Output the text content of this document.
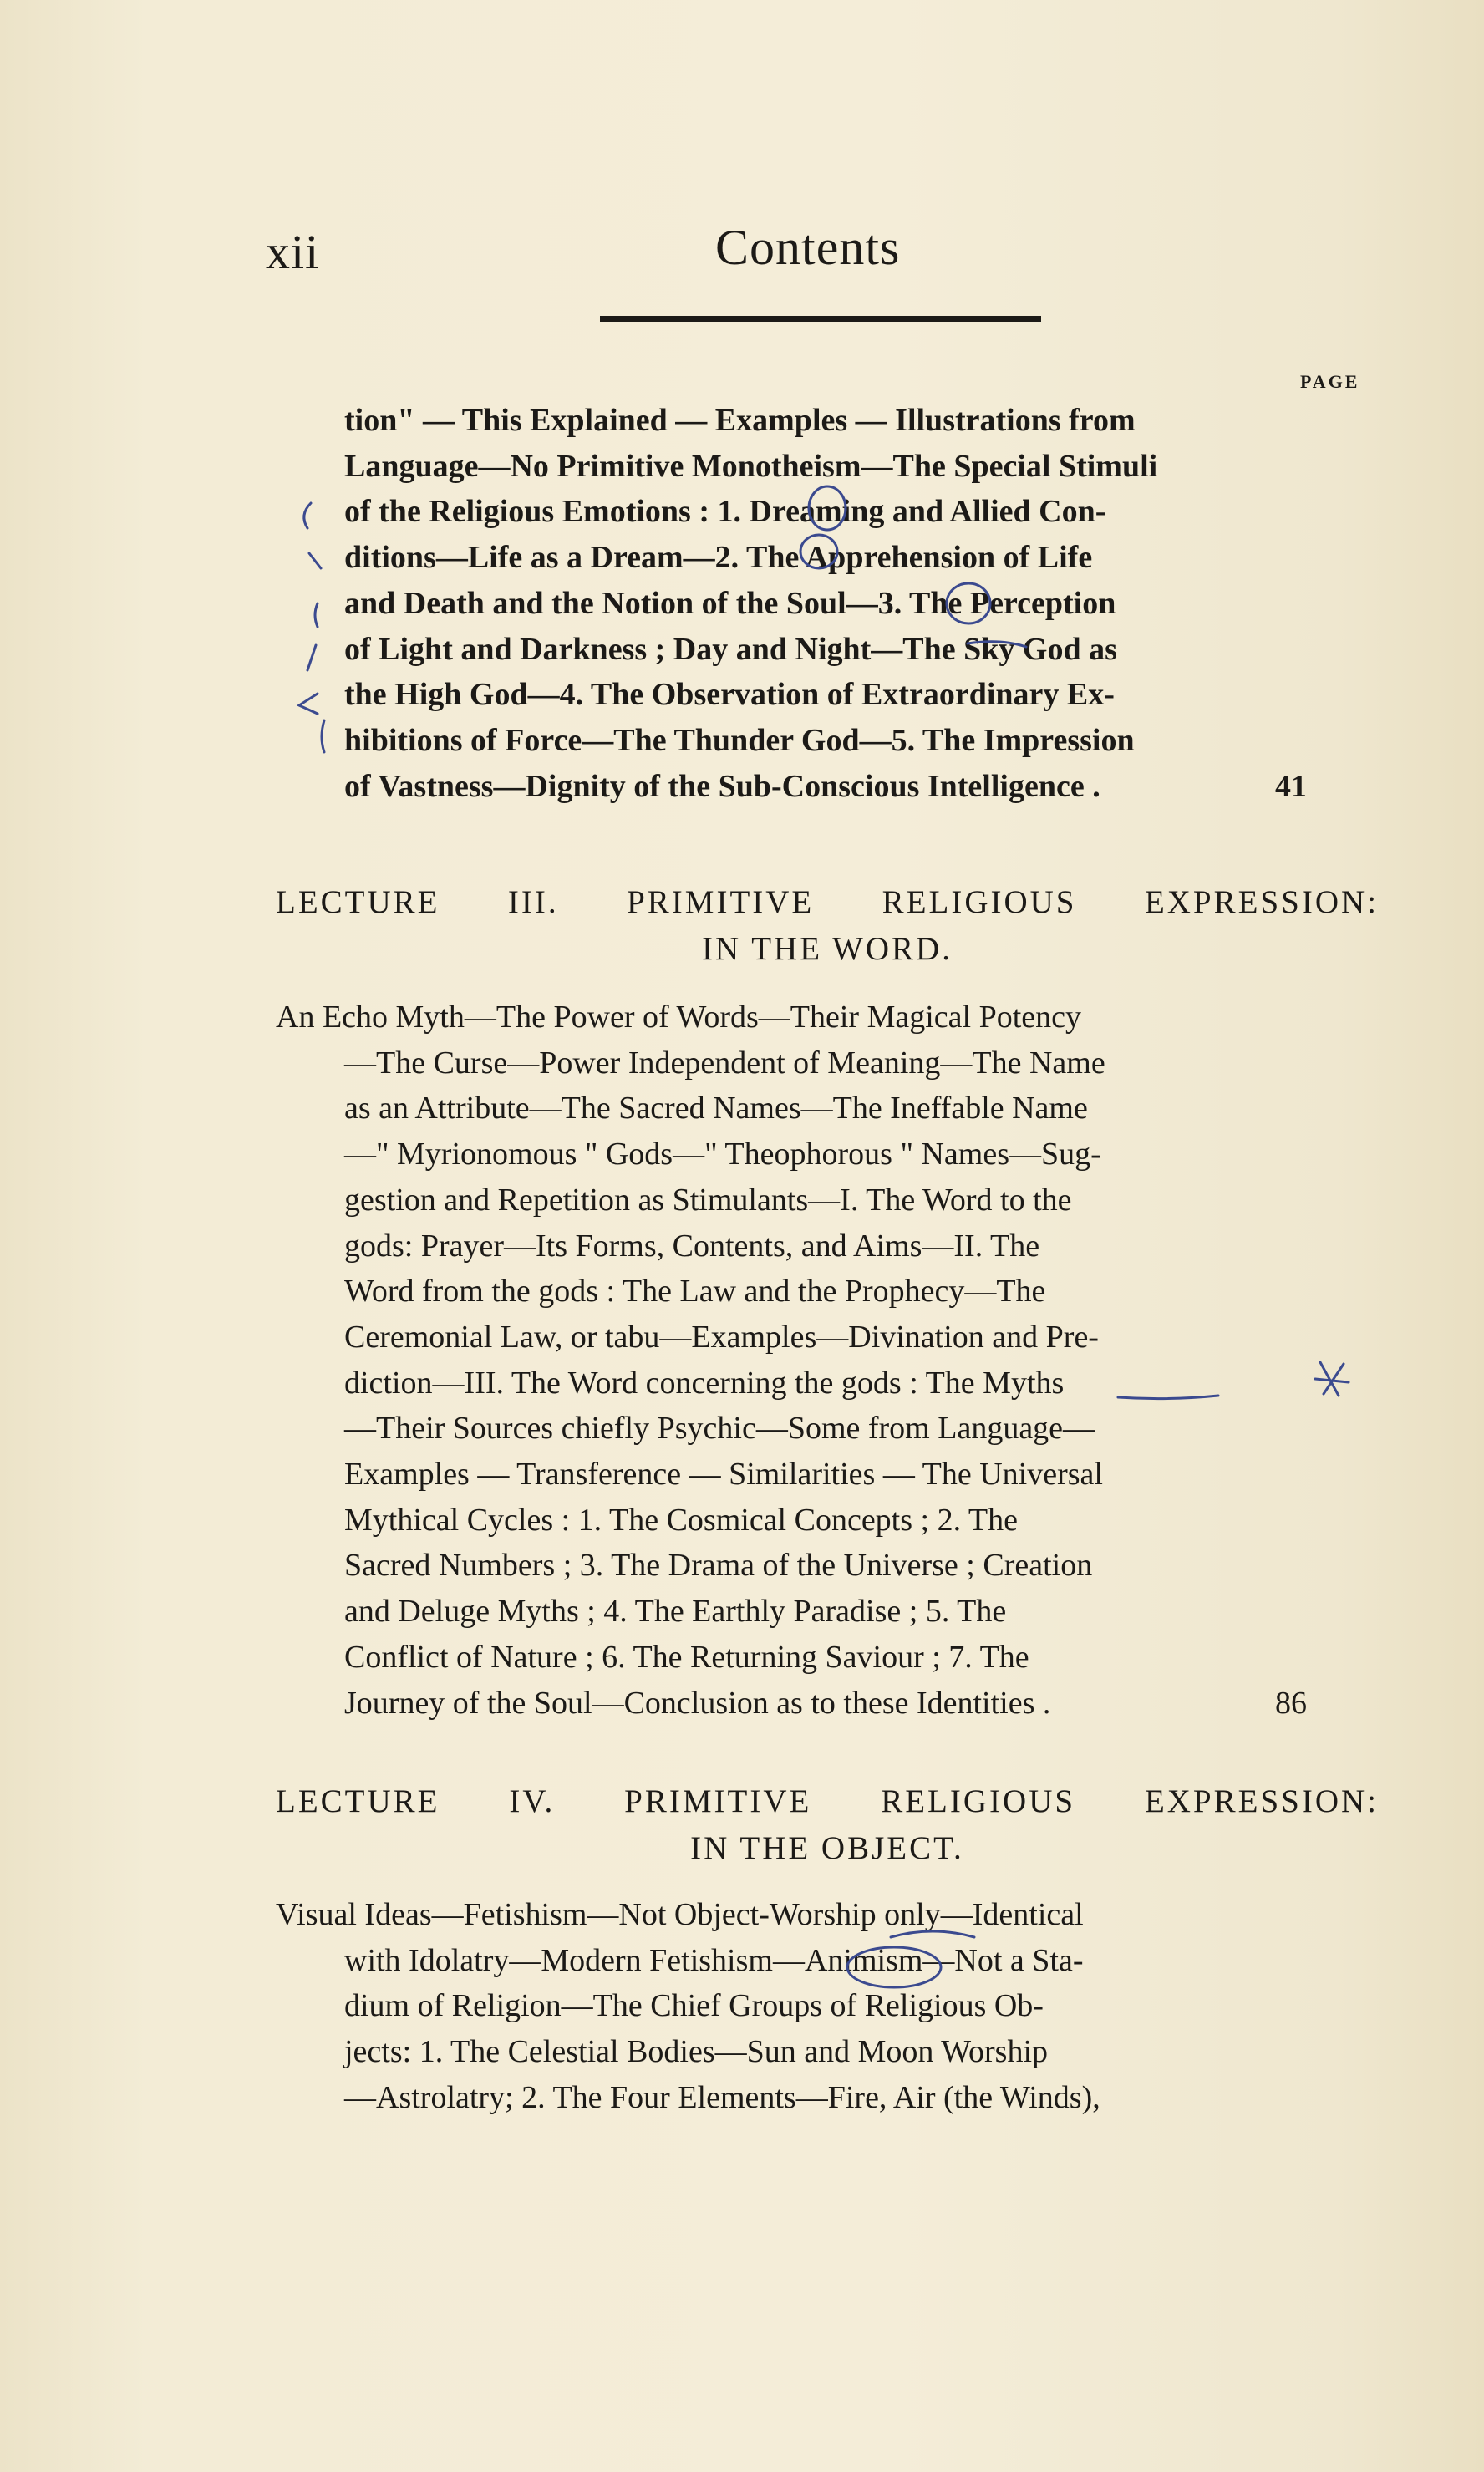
xii	Contents
PAGE
tion" — This Explained — Examples — Illustrations from
Language—No Primitive Monotheism—The Special Stimuli
of the Religious Emotions : 1. Dreaming and Allied Con-
ditions—Life as a Dream—2. The Apprehension of Life
and Death and the Notion of the Soul—3. The Perception
of Light and Darkness ; Day and Night—The Sky God as
the High God—4. The Observation of Extraordinary Ex-
hibitions of Force—The Thunder God—5. The Impression
of Vastness—Dignity of the Sub-Conscious Intelligence .	41
LECTURE III. PRIMITIVE RELIGIOUS EXPRESSION:
IN THE WORD.
An Echo Myth—The Power of Words—Their Magical Potency
—The Curse—Power Independent of Meaning—The Name
as an Attribute—The Sacred Names—The Ineffable Name
—" Myrionomous " Gods—" Theophorous " Names—Sug-
gestion and Repetition as Stimulants—I. The Word to the
gods: Prayer—Its Forms, Contents, and Aims—II. The
Word from the gods : The Law and the Prophecy—The
Ceremonial Law, or tabu—Examples—Divination and Pre-
diction—III. The Word concerning the gods : The Myths
—Their Sources chiefly Psychic—Some from Language—
Examples — Transference — Similarities — The Universal
Mythical Cycles : 1. The Cosmical Concepts ; 2. The
Sacred Numbers ; 3. The Drama of the Universe ; Creation
and Deluge Myths ; 4. The Earthly Paradise ; 5. The
Conflict of Nature ; 6. The Returning Saviour ; 7. The
Journey of the Soul—Conclusion as to these Identities .	86
LECTURE IV. PRIMITIVE RELIGIOUS EXPRESSION:
IN THE OBJECT.
Visual Ideas—Fetishism—Not Object-Worship only—Identical
with Idolatry—Modern Fetishism—Animism—Not a Sta-
dium of Religion—The Chief Groups of Religious Ob-
jects: 1. The Celestial Bodies—Sun and Moon Worship
—Astrolatry; 2. The Four Elements—Fire, Air (the Winds),
